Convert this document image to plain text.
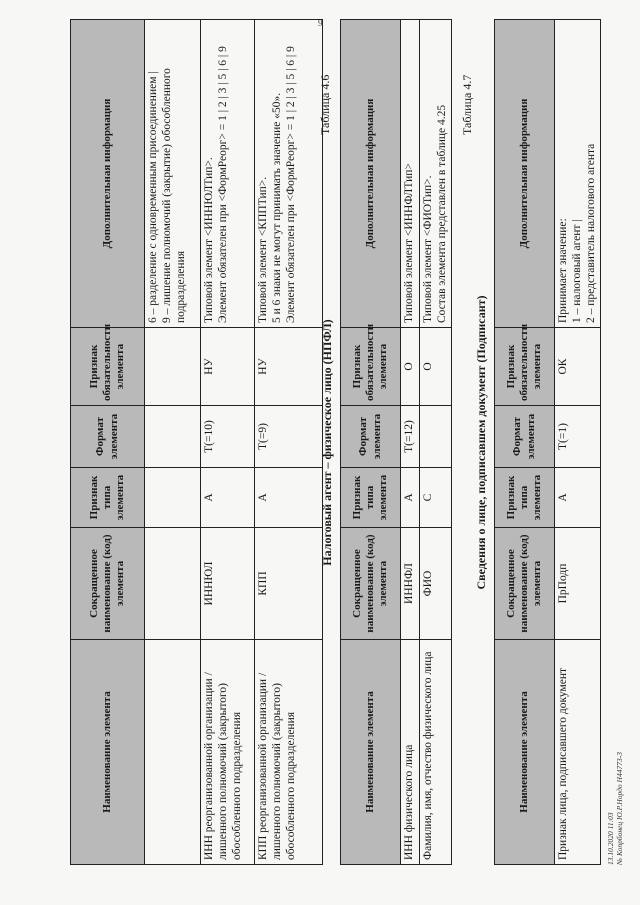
9
Наименование элемента	Сокращенное наименование (код) элемента	Признак типа элемента	Формат элемента	Признак обязательности элемента	Дополнительная информация
					6 – разделение с одновременным присоединением |
9 – лишение полномочий (закрытие) обособленного подразделения
ИНН реорганизованной организации / лишенного полномочий (закрытого) обособленного подразделения	ИННЮЛ	А	T(=10)	НУ	Типовой элемент <ИННЮЛТип>.
Элемент обязателен при <ФормРеорг> = 1 | 2 | 3 | 5 | 6 | 9
КПП реорганизованной организации / лишенного полномочий (закрытого) обособленного подразделения	КПП	А	T(=9)	НУ	Типовой элемент <КППТип>.
5 и 6 знаки не могут принимать значение «50».
Элемент обязателен при <ФормРеорг> = 1 | 2 | 3 | 5 | 6 | 9
Таблица 4.6
Налоговый агент – физическое лицо (НПФЛ)
Наименование элемента	Сокращенное наименование (код) элемента	Признак типа элемента	Формат элемента	Признак обязательности элемента	Дополнительная информация
ИНН физического лица	ИННФЛ	А	T(=12)	О	Типовой элемент <ИННФЛТип>
Фамилия, имя, отчество физического лица	ФИО	С		О	Типовой элемент <ФИОТип>.
Состав элемента представлен в таблице 4.25 Таблица 4.7
Сведения о лице, подписавшем документ (Подписант)
Наименование элемента	Сокращенное наименование (код) элемента	Признак типа элемента	Формат элемента	Признак обязательности элемента	Дополнительная информация
Признак лица, подписавшего документ	ПрПодп	А	T(=1)	ОК	Принимает значение:
1 – налоговый агент |
2 – представитель налогового агента
13.10.2020 11:03 № Копрбонец Ю.Р.Нордо Н44773-3
